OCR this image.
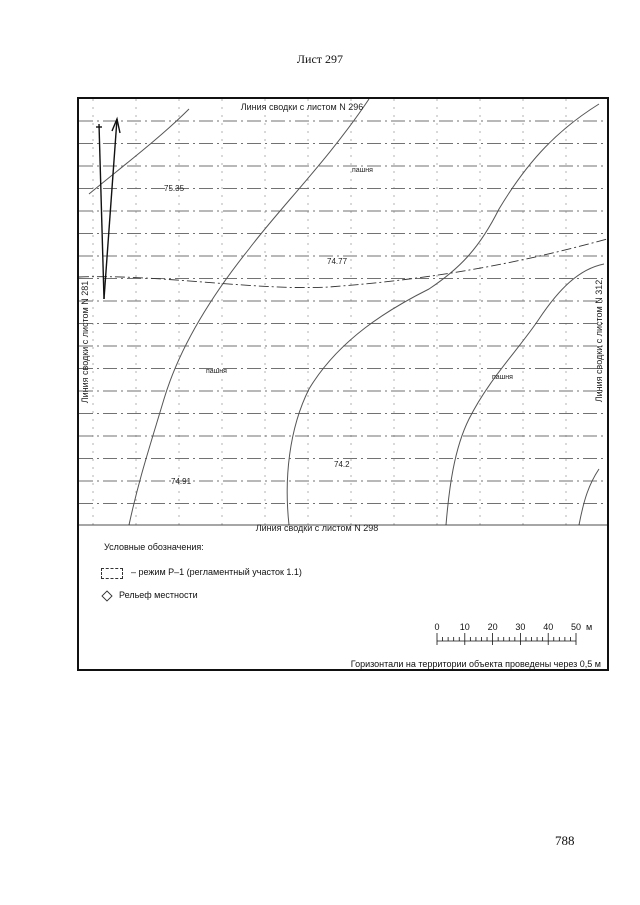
Лист 297
Линия сводки с листом N 296
Линия сводки с листом N 298
Линия сводки с листом N 281	Линия сводки с листом N 312
75.35
74.77
74.2
74.91
пашня
пашня
пашня
0 10 20 30 40 50 м
Условные обозначения:
– режим Р–1 (регламентный участок 1.1)
Рельеф местности
Горизонтали на территории объекта проведены через 0,5 м
788
